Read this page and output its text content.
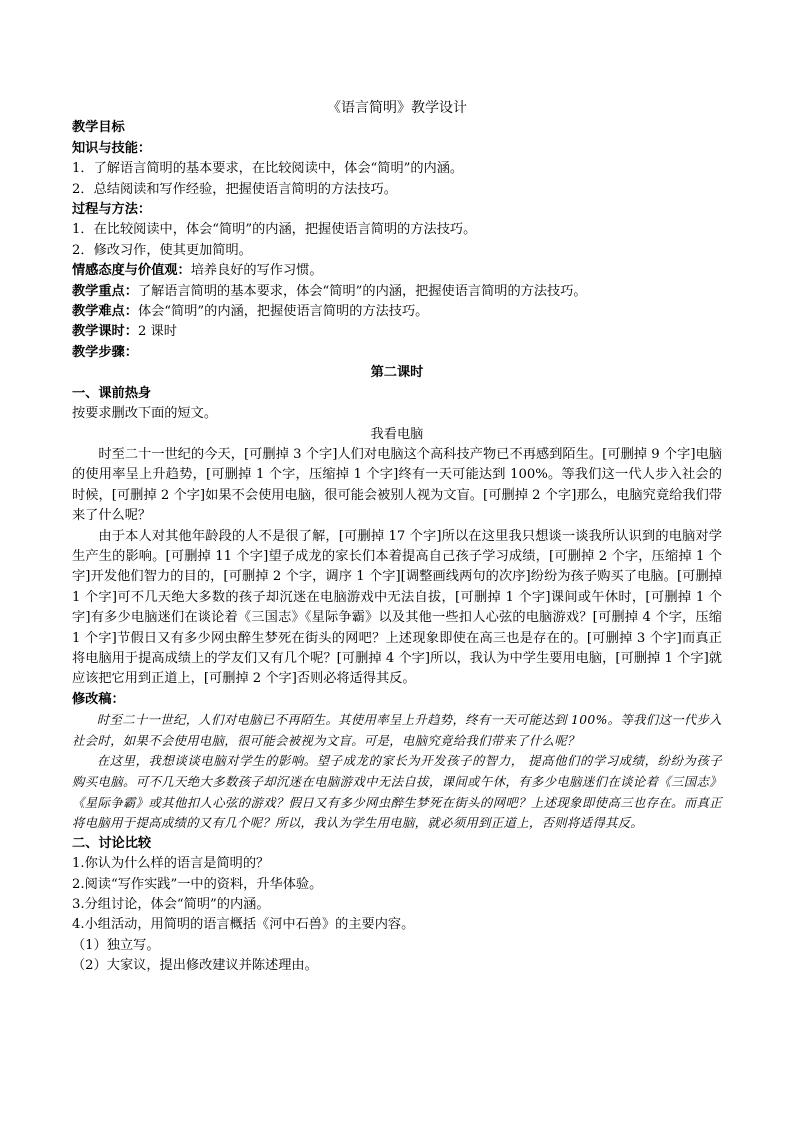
《语言简明》教学设计

教学目标

知识与技能：

1．了解语言简明的基本要求，在比较阅读中，体会“简明”的内涵。

2．总结阅读和写作经验，把握使语言简明的方法技巧。

过程与方法：

1．在比较阅读中，体会“简明”的内涵，把握使语言简明的方法技巧。

2．修改习作，使其更加简明。

情感态度与价值观：培养良好的写作习惯。

教学重点：了解语言简明的基本要求，体会“简明”的内涵，把握使语言简明的方法技巧。

教学难点：体会“简明”的内涵，把握使语言简明的方法技巧。

教学课时：2 课时

教学步骤：

第二课时

一、课前热身

按要求删改下面的短文。

我看电脑

时至二十一世纪的今天，[可删掉 3 个字]人们对电脑这个高科技产物已不再感到陌生。[可删掉 9 个字]电脑的使用率呈上升趋势，[可删掉 1 个字，压缩掉 1 个字]终有一天可能达到 100%。等我们这一代人步入社会的时候，[可删掉 2 个字]如果不会使用电脑，很可能会被别人视为文盲。[可删掉 2 个字]那么，电脑究竟给我们带来了什么呢？

由于本人对其他年龄段的人不是很了解，[可删掉 17 个字]所以在这里我只想谈一谈我所认识到的电脑对学生产生的影响。[可删掉 11 个字]望子成龙的家长们本着提高自己孩子学习成绩，[可删掉 2 个字，压缩掉 1 个字]开发他们智力的目的，[可删掉 2 个字，调序 1 个字][调整画线两句的次序]纷纷为孩子购买了电脑。[可删掉 1 个字]可不几天绝大多数的孩子却沉迷在电脑游戏中无法自拔，[可删掉 1 个字]课间或午休时，[可删掉 1 个字]有多少电脑迷们在谈论着《三国志》《星际争霸》以及其他一些扣人心弦的电脑游戏？[可删掉 4 个字，压缩 1 个字]节假日又有多少网虫醉生梦死在街头的网吧？上述现象即使在高三也是存在的。[可删掉 3 个字]而真正将电脑用于提高成绩上的学友们又有几个呢？[可删掉 4 个字]所以，我认为中学生要用电脑，[可删掉 1 个字]就应该把它用到正道上，[可删掉 2 个字]否则必将适得其反。

修改稿：

时至二十一世纪，人们对电脑已不再陌生。其使用率呈上升趋势，终有一天可能达到 100%。等我们这一代步入社会时，如果不会使用电脑，很可能会被视为文盲。可是，电脑究竟给我们带来了什么呢？

在这里，我想谈谈电脑对学生的影响。望子成龙的家长为开发孩子的智力， 提高他们的学习成绩，纷纷为孩子购买电脑。可不几天绝大多数孩子却沉迷在电脑游戏中无法自拔，课间或午休，有多少电脑迷们在谈论着《三国志》《星际争霸》或其他扣人心弦的游戏？假日又有多少网虫醉生梦死在街头的网吧？上述现象即使高三也存在。而真正将电脑用于提高成绩的又有几个呢？所以，我认为学生用电脑，就必须用到正道上，否则将适得其反。

二、讨论比较

1.你认为什么样的语言是简明的？

2.阅读“写作实践”一中的资料，升华体验。

3.分组讨论，体会“简明”的内涵。

4.小组活动，用简明的语言概括《河中石兽》的主要内容。

（1）独立写。

（2）大家议，提出修改建议并陈述理由。
